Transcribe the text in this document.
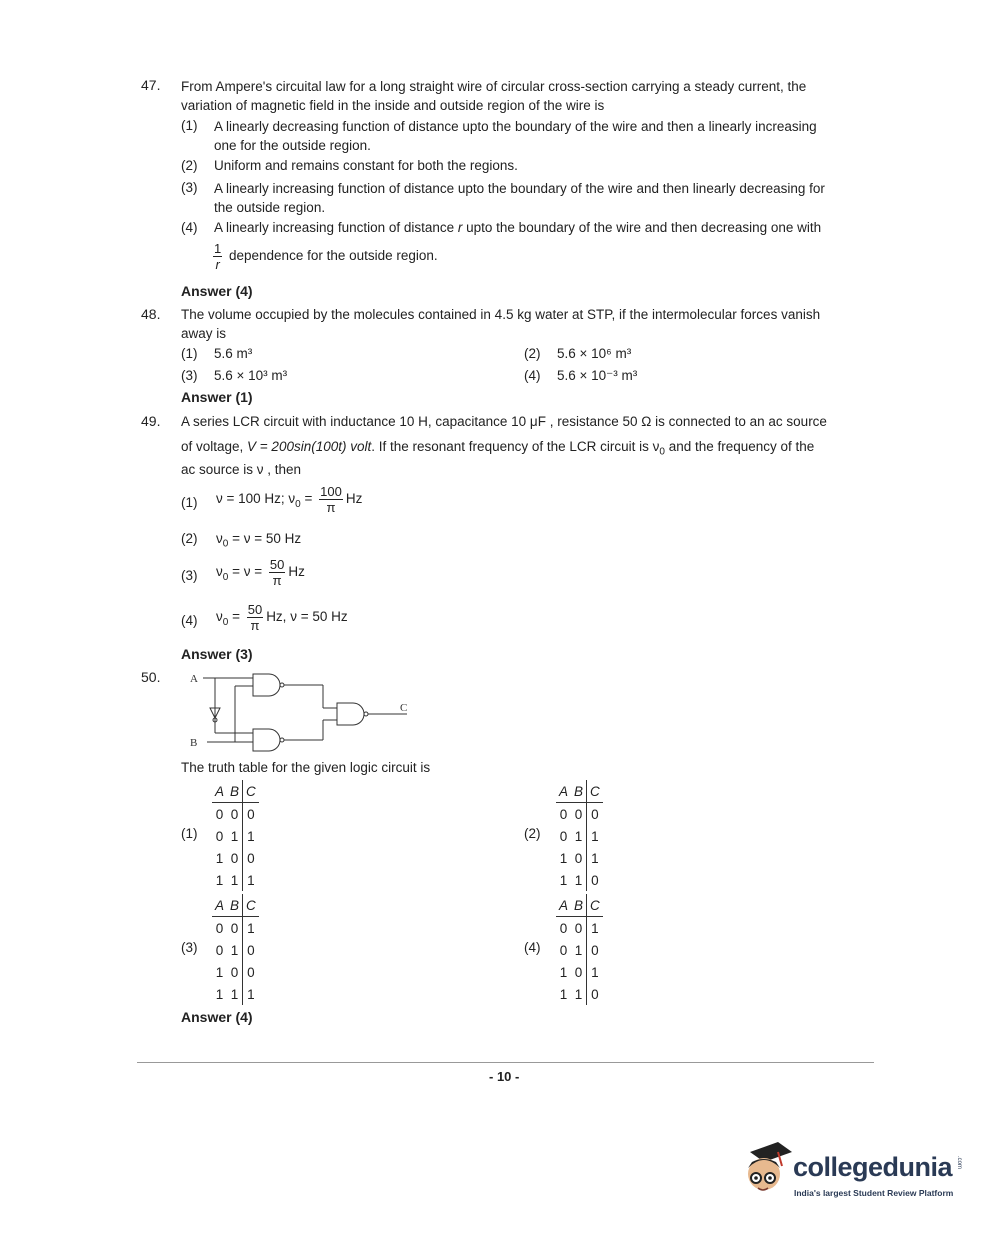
47. From Ampere's circuital law for a long straight wire of circular cross-section carrying a steady current, the
variation of magnetic field in the inside and outside region of the wire is
(1) A linearly decreasing function of distance upto the boundary of the wire and then a linearly increasing
one for the outside region.
(2) Uniform and remains constant for both the regions.
(3) A linearly increasing function of distance upto the boundary of the wire and then linearly decreasing for
the outside region.
(4) A linearly increasing function of distance r upto the boundary of the wire and then decreasing one with
$\frac{1}{r}$ dependence for the outside region.
Answer (4)
48. The volume occupied by the molecules contained in 4.5 kg water at STP, if the intermolecular forces vanish
away is
(1) 5.6 m³	(2) 5.6 × 10⁶ m³
(3) 5.6 × 10³ m³	(4) 5.6 × 10⁻³ m³
Answer (1)
49. A series LCR circuit with inductance 10 H, capacitance 10 μF , resistance 50 Ω is connected to an ac source
of voltage, V = 200sin(100t) volt. If the resonant frequency of the LCR circuit is $\nu_0$ and the frequency of the
ac source is ν , then
(1) ν = 100 Hz; $\nu_0 = \frac{100}{\pi}$ Hz
(2) $\nu_0 = \nu = 50$ Hz
(3) $\nu_0 = \nu = \frac{50}{\pi}$ Hz
(4) $\nu_0 = \frac{50}{\pi} Hz$, ν = 50 Hz
Answer (3)
50.	A
B
C
The truth table for the given logic circuit is
(1)
A	B	C
0	0	0
0	1	1
1	0	0
1	1	1
(2)
A	B	C
0	0	0
0	1	1
1	0	1
1	1	0
(3)
A	B	C
0	0	1
0	1	0
1	0	0
1	1	1
(4)
A	B	C
0	0	1
0	1	0
1	0	1
1	1	0
Answer (4)
- 10 -
collegedunia .com
India's largest Student Review Platform
